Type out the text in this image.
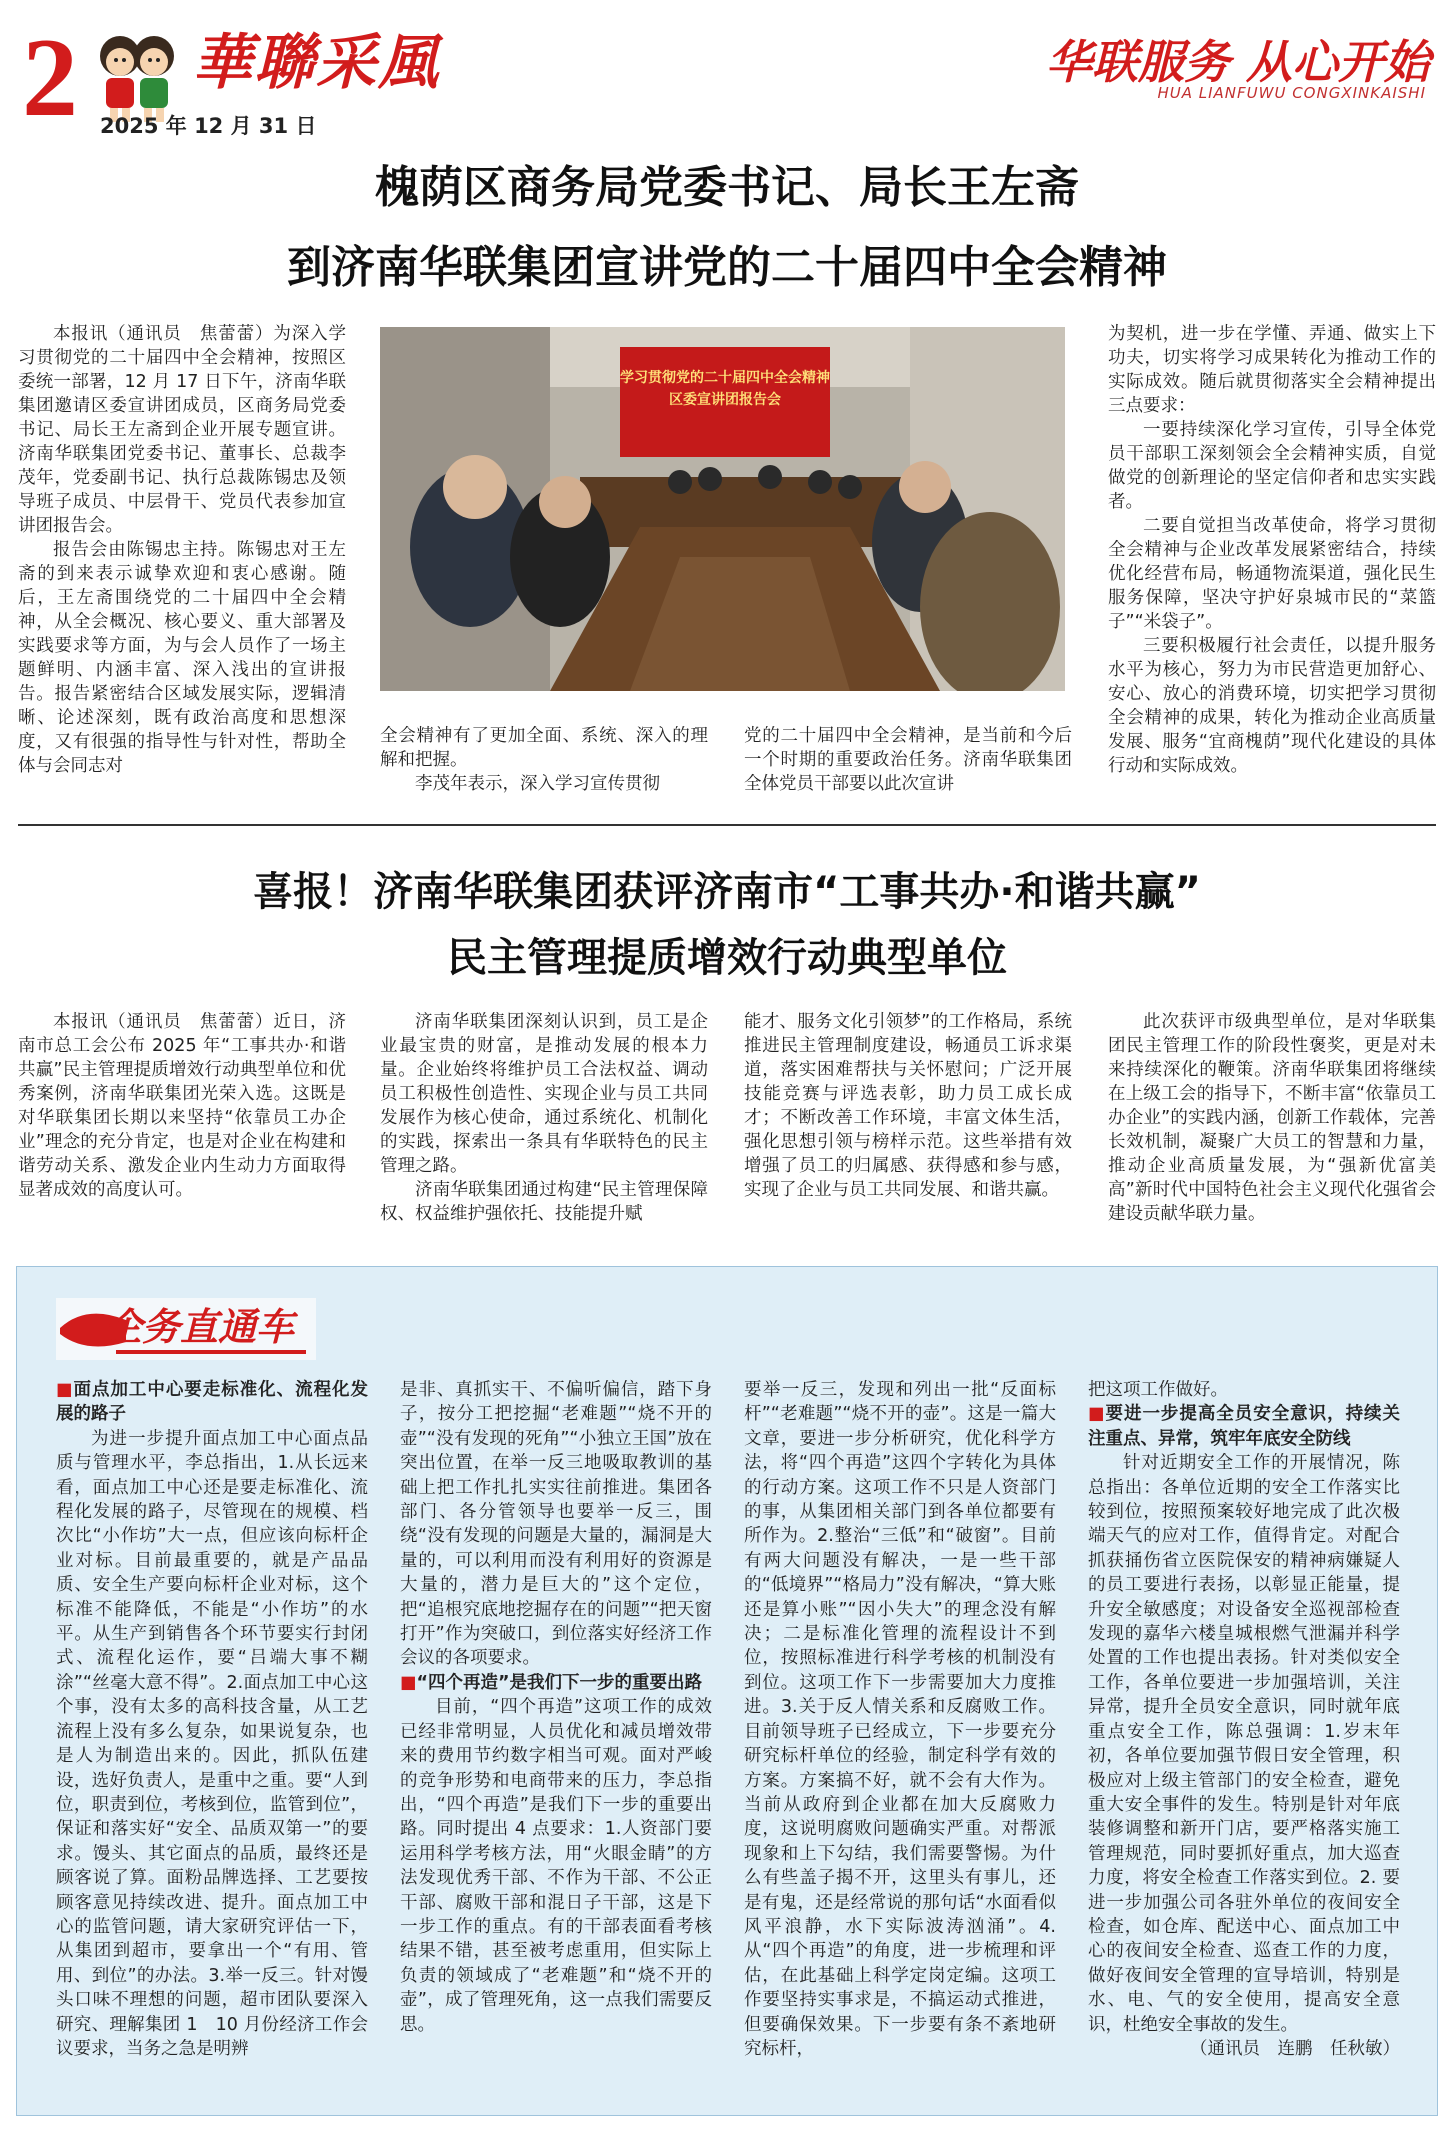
2 華聯采風
2025 年 12 月 31 日
华联服务 从心开始
HUA LIANFUWU CONGXINKAISHI
槐荫区商务局党委书记、局长王左斋
到济南华联集团宣讲党的二十届四中全会精神

本报讯（通讯员　焦蕾蕾）为深入学习贯彻党的二十届四中全会精神，按照区委统一部署，12 月 17 日下午，济南华联集团邀请区委宣讲团成员，区商务局党委书记、局长王左斋到企业开展专题宣讲。济南华联集团党委书记、董事长、总裁李茂年，党委副书记、执行总裁陈锡忠及领导班子成员、中层骨干、党员代表参加宣讲团报告会。

报告会由陈锡忠主持。陈锡忠对王左斋的到来表示诚挚欢迎和衷心感谢。随后，王左斋围绕党的二十届四中全会精神，从全会概况、核心要义、重大部署及实践要求等方面，为与会人员作了一场主题鲜明、内涵丰富、深入浅出的宣讲报告。报告紧密结合区域发展实际，逻辑清晰、论述深刻，既有政治高度和思想深度，又有很强的指导性与针对性，帮助全体与会同志对

学习贯彻党的二十届四中全会精神
区委宣讲团报告会

全会精神有了更加全面、系统、深入的理解和把握。

李茂年表示，深入学习宣传贯彻

党的二十届四中全会精神，是当前和今后一个时期的重要政治任务。济南华联集团全体党员干部要以此次宣讲

为契机，进一步在学懂、弄通、做实上下功夫，切实将学习成果转化为推动工作的实际成效。随后就贯彻落实全会精神提出三点要求：

一要持续深化学习宣传，引导全体党员干部职工深刻领会全会精神实质，自觉做党的创新理论的坚定信仰者和忠实实践者。

二要自觉担当改革使命，将学习贯彻全会精神与企业改革发展紧密结合，持续优化经营布局，畅通物流渠道，强化民生服务保障，坚决守护好泉城市民的“菜篮子”“米袋子”。

三要积极履行社会责任，以提升服务水平为核心，努力为市民营造更加舒心、安心、放心的消费环境，切实把学习贯彻全会精神的成果，转化为推动企业高质量发展、服务“宜商槐荫”现代化建设的具体行动和实际成效。

喜报！济南华联集团获评济南市“工事共办·和谐共赢”
民主管理提质增效行动典型单位

本报讯（通讯员　焦蕾蕾）近日，济南市总工会公布 2025 年“工事共办·和谐共赢”民主管理提质增效行动典型单位和优秀案例，济南华联集团光荣入选。这既是对华联集团长期以来坚持“依靠员工办企业”理念的充分肯定，也是对企业在构建和谐劳动关系、激发企业内生动力方面取得显著成效的高度认可。

济南华联集团深刻认识到，员工是企业最宝贵的财富，是推动发展的根本力量。企业始终将维护员工合法权益、调动员工积极性创造性、实现企业与员工共同发展作为核心使命，通过系统化、机制化的实践，探索出一条具有华联特色的民主管理之路。

济南华联集团通过构建“民主管理保障权、权益维护强依托、技能提升赋

能才、服务文化引领梦”的工作格局，系统推进民主管理制度建设，畅通员工诉求渠道，落实困难帮扶与关怀慰问；广泛开展技能竞赛与评选表彰，助力员工成长成才；不断改善工作环境，丰富文体生活，强化思想引领与榜样示范。这些举措有效增强了员工的归属感、获得感和参与感，实现了企业与员工共同发展、和谐共赢。

此次获评市级典型单位，是对华联集团民主管理工作的阶段性褒奖，更是对未来持续深化的鞭策。济南华联集团将继续在上级工会的指导下，不断丰富“依靠员工办企业”的实践内涵，创新工作载体，完善长效机制，凝聚广大员工的智慧和力量，推动企业高质量发展，为“强新优富美高”新时代中国特色社会主义现代化强省会建设贡献华联力量。

企务直通车

■面点加工中心要走标准化、流程化发展的路子

为进一步提升面点加工中心面点品质与管理水平，李总指出，1.从长远来看，面点加工中心还是要走标准化、流程化发展的路子，尽管现在的规模、档次比“小作坊”大一点，但应该向标杆企业对标。目前最重要的，就是产品品质、安全生产要向标杆企业对标，这个标准不能降低，不能是“小作坊”的水平。从生产到销售各个环节要实行封闭式、流程化运作，要“吕端大事不糊涂”“丝毫大意不得”。2.面点加工中心这个事，没有太多的高科技含量，从工艺流程上没有多么复杂，如果说复杂，也是人为制造出来的。因此，抓队伍建设，选好负责人，是重中之重。要“人到位，职责到位，考核到位，监管到位”，保证和落实好“安全、品质双第一”的要求。馒头、其它面点的品质，最终还是顾客说了算。面粉品牌选择、工艺要按顾客意见持续改进、提升。面点加工中心的监管问题，请大家研究评估一下，从集团到超市，要拿出一个“有用、管用、到位”的办法。3.举一反三。针对馒头口味不理想的问题，超市团队要深入研究、理解集团 1　10 月份经济工作会议要求，当务之急是明辨

是非、真抓实干、不偏听偏信，踏下身子，按分工把挖掘“老难题”“烧不开的壶”“没有发现的死角”“小独立王国”放在突出位置，在举一反三地吸取教训的基础上把工作扎扎实实往前推进。集团各部门、各分管领导也要举一反三，围绕“没有发现的问题是大量的，漏洞是大量的，可以利用而没有利用好的资源是大量的，潜力是巨大的”这个定位，把“追根究底地挖掘存在的问题”“把天窗打开”作为突破口，到位落实好经济工作会议的各项要求。

■“四个再造”是我们下一步的重要出路

目前，“四个再造”这项工作的成效已经非常明显，人员优化和减员增效带来的费用节约数字相当可观。面对严峻的竞争形势和电商带来的压力，李总指出，“四个再造”是我们下一步的重要出路。同时提出 4 点要求：1.人资部门要运用科学考核方法，用“火眼金睛”的方法发现优秀干部、不作为干部、不公正干部、腐败干部和混日子干部，这是下一步工作的重点。有的干部表面看考核结果不错，甚至被考虑重用，但实际上负责的领域成了“老难题”和“烧不开的壶”，成了管理死角，这一点我们需要反思。

要举一反三，发现和列出一批“反面标杆”“老难题”“烧不开的壶”。这是一篇大文章，要进一步分析研究，优化科学方法，将“四个再造”这四个字转化为具体的行动方案。这项工作不只是人资部门的事，从集团相关部门到各单位都要有所作为。2.整治“三低”和“破窗”。目前有两大问题没有解决，一是一些干部的“低境界”“格局力”没有解决，“算大账还是算小账”“因小失大”的理念没有解决；二是标准化管理的流程设计不到位，按照标准进行科学考核的机制没有到位。这项工作下一步需要加大力度推进。3.关于反人情关系和反腐败工作。目前领导班子已经成立，下一步要充分研究标杆单位的经验，制定科学有效的方案。方案搞不好，就不会有大作为。当前从政府到企业都在加大反腐败力度，这说明腐败问题确实严重。对帮派现象和上下勾结，我们需要警惕。为什么有些盖子揭不开，这里头有事儿，还是有鬼，还是经常说的那句话“水面看似风平浪静，水下实际波涛汹涌”。4.从“四个再造”的角度，进一步梳理和评估，在此基础上科学定岗定编。这项工作要坚持实事求是，不搞运动式推进，但要确保效果。下一步要有条不紊地研究标杆，

把这项工作做好。

■要进一步提高全员安全意识，持续关注重点、异常，筑牢年底安全防线

针对近期安全工作的开展情况，陈总指出：各单位近期的安全工作落实比较到位，按照预案较好地完成了此次极端天气的应对工作，值得肯定。对配合抓获捅伤省立医院保安的精神病嫌疑人的员工要进行表扬，以彰显正能量，提升安全敏感度；对设备安全巡视部检查发现的嘉华六楼皇城根燃气泄漏并科学处置的工作也提出表扬。针对类似安全工作，各单位要进一步加强培训，关注异常，提升全员安全意识，同时就年底重点安全工作，陈总强调：1.岁末年初，各单位要加强节假日安全管理，积极应对上级主管部门的安全检查，避免重大安全事件的发生。特别是针对年底装修调整和新开门店，要严格落实施工管理规范，同时要抓好重点，加大巡查力度，将安全检查工作落实到位。2. 要进一步加强公司各驻外单位的夜间安全检查，如仓库、配送中心、面点加工中心的夜间安全检查、巡查工作的力度，做好夜间安全管理的宣导培训，特别是水、电、气的安全使用，提高安全意识，杜绝安全事故的发生。

（通讯员　连鹏　任秋敏）
